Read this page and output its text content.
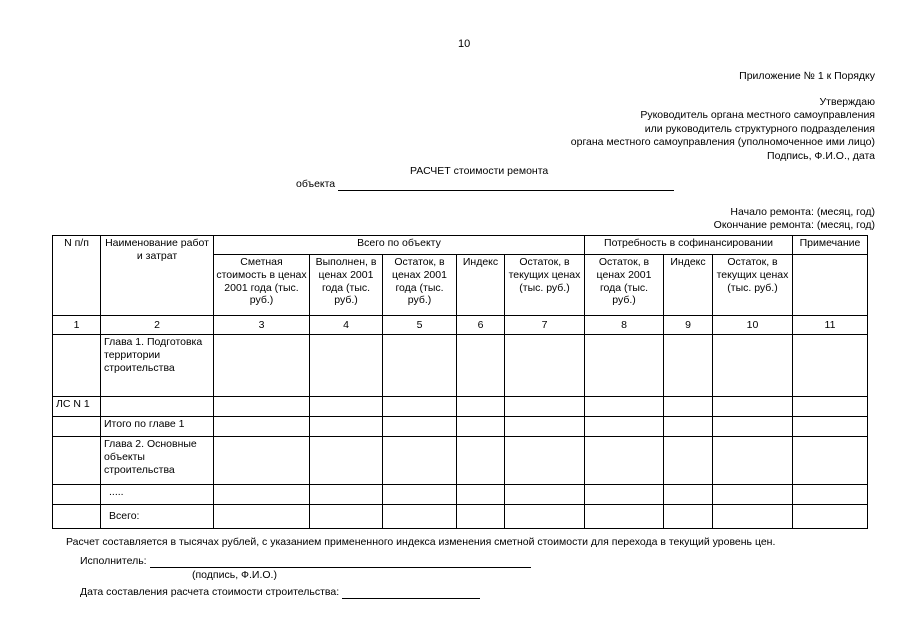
10
Приложение № 1 к Порядку
Утверждаю
Руководитель органа местного самоуправления
или руководитель структурного подразделения
органа местного самоуправления (уполномоченное ими лицо)
Подпись, Ф.И.О., дата
РАСЧЕТ стоимости ремонта
объекта
Начало ремонта: (месяц, год)
Окончание ремонта: (месяц, год)
N п/п	Наименование работ и затрат	Всего по объекту					Потребность в софинансировании			Примечание
		Сметная стоимость в ценах 2001 года (тыс. руб.)	Выполнен, в ценах 2001 года (тыс. руб.)	Остаток, в ценах 2001 года (тыс. руб.)	Индекс	Остаток, в текущих ценах (тыс. руб.)	Остаток, в ценах 2001 года (тыс. руб.)	Индекс	Остаток, в текущих ценах (тыс. руб.)	
1	2	3	4	5	6	7	8	9	10	11
	Глава 1. Подготовка территории строительства									
ЛС N 1										
	Итого по главе 1									
	Глава 2. Основные объекты строительства									
	.....									
	Всего:									
Расчет составляется в тысячах рублей, с указанием примененного индекса изменения сметной стоимости для перехода в текущий уровень цен.
Исполнитель:
(подпись, Ф.И.О.)
Дата составления расчета стоимости строительства:
